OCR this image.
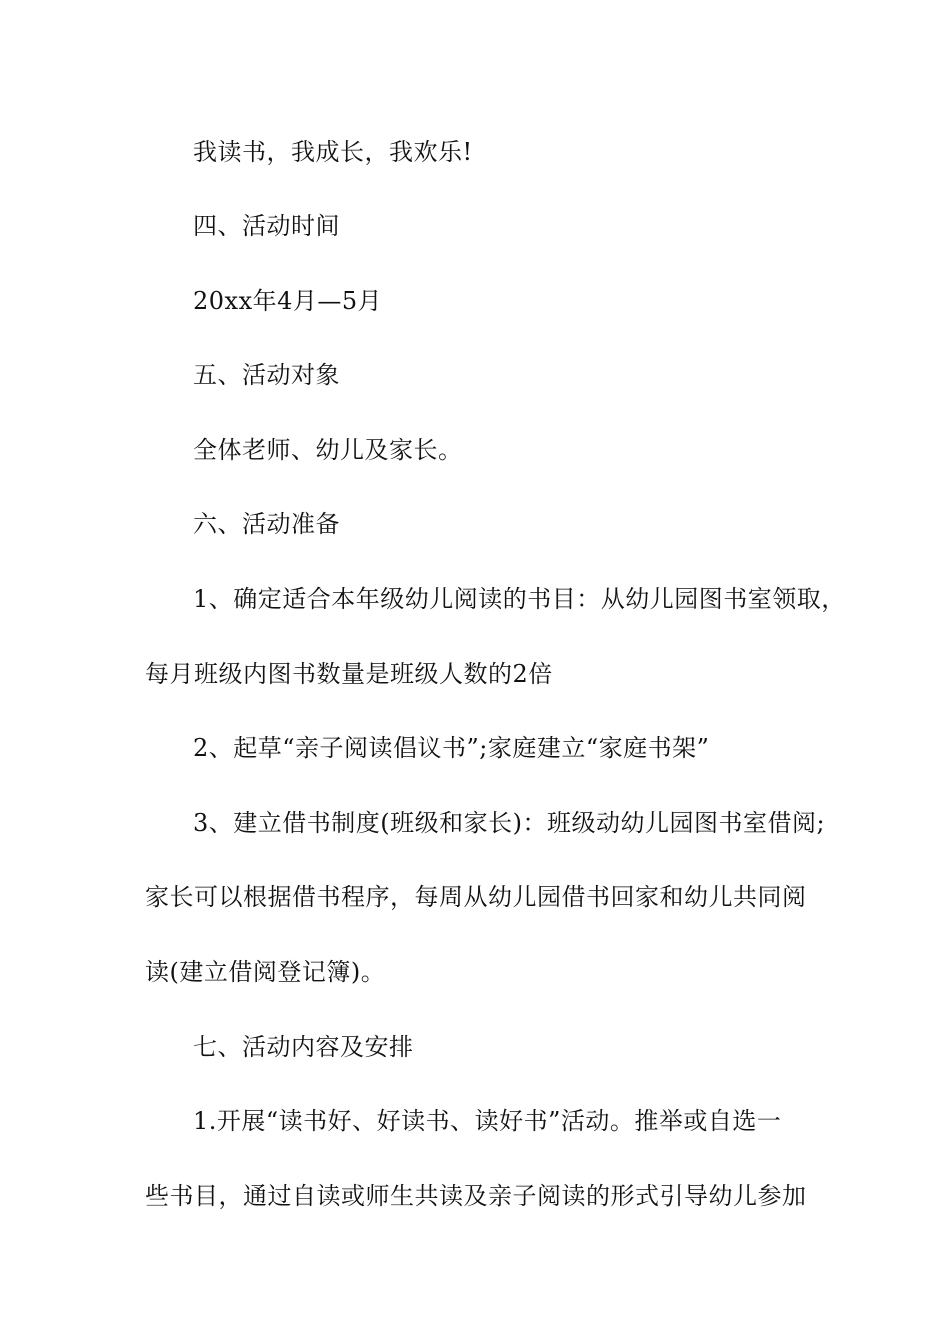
我读书，我成长，我欢乐!
四、活动时间
20xx年4月—5月
五、活动对象
全体老师、幼儿及家长。
六、活动准备
1、确定适合本年级幼儿阅读的书目：从幼儿园图书室领取，
每月班级内图书数量是班级人数的2倍
2、起草“亲子阅读倡议书”;家庭建立“家庭书架”
3、建立借书制度(班级和家长)：班级动幼儿园图书室借阅;
家长可以根据借书程序，每周从幼儿园借书回家和幼儿共同阅
读(建立借阅登记簿)。
七、活动内容及安排
1.开展“读书好、好读书、读好书”活动。推举或自选一
些书目，通过自读或师生共读及亲子阅读的形式引导幼儿参加
